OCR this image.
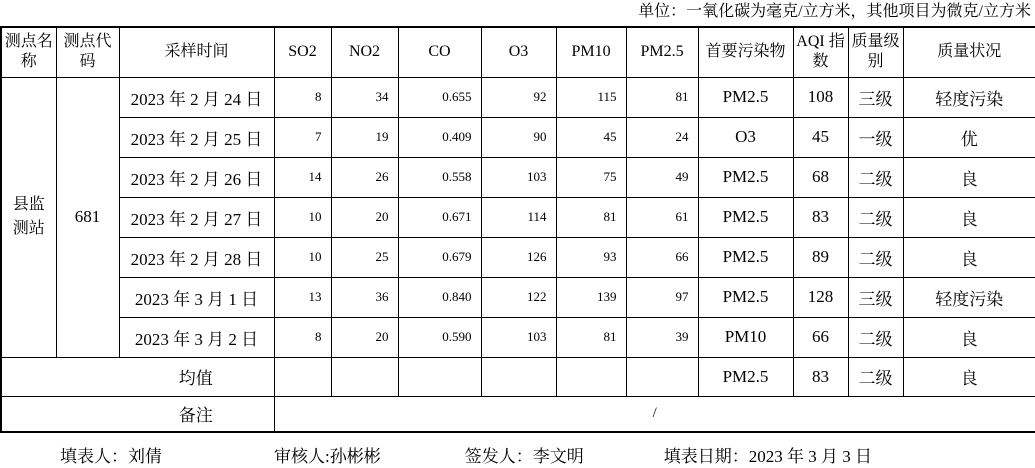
单位：一氧化碳为毫克/立方米，其他项目为微克/立方米
测点名称	测点代码	采样时间	SO2	NO2	CO	O3	PM10	PM2.5	首要污染物	AQI 指数	质量级别	质量状况
县监测站	681	2023 年 2 月 24 日	8	34	0.655	92	115	81	PM2.5	108	三级	轻度污染
		2023 年 2 月 25 日	7	19	0.409	90	45	24	O3	45	一级	优
		2023 年 2 月 26 日	14	26	0.558	103	75	49	PM2.5	68	二级	良
		2023 年 2 月 27 日	10	20	0.671	114	81	61	PM2.5	83	二级	良
		2023 年 2 月 28 日	10	25	0.679	126	93	66	PM2.5	89	二级	良
		2023 年 3 月 1 日	13	36	0.840	122	139	97	PM2.5	128	三级	轻度污染
		2023 年 3 月 2 日	8	20	0.590	103	81	39	PM10	66	二级	良
均值									PM2.5	83	二级	良
备注			/									
填表人：刘倩	审核人:孙彬彬	签发人：李文明	填表日期：2023 年 3 月 3 日
